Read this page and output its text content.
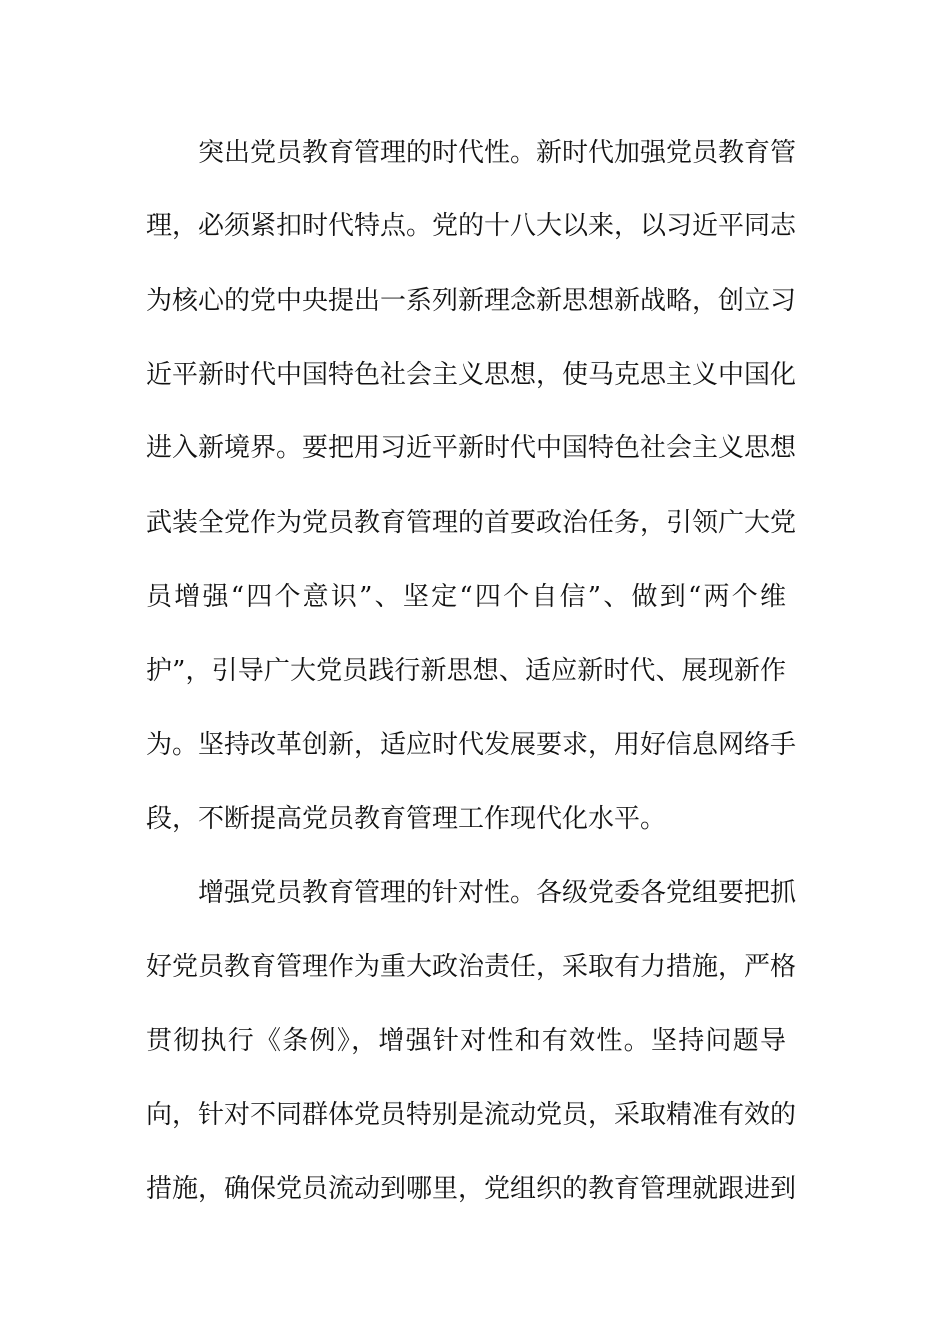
突出党员教育管理的时代性。新时代加强党员教育管
理，必须紧扣时代特点。党的十八大以来，以习近平同志
为核心的党中央提出一系列新理念新思想新战略，创立习
近平新时代中国特色社会主义思想，使马克思主义中国化
进入新境界。要把用习近平新时代中国特色社会主义思想
武装全党作为党员教育管理的首要政治任务，引领广大党
员增强“四个意识”、坚定“四个自信”、做到“两个维
护”，引导广大党员践行新思想、适应新时代、展现新作
为。坚持改革创新，适应时代发展要求，用好信息网络手
段，不断提高党员教育管理工作现代化水平。
增强党员教育管理的针对性。各级党委各党组要把抓
好党员教育管理作为重大政治责任，采取有力措施，严格
贯彻执行《条例》，增强针对性和有效性。坚持问题导
向，针对不同群体党员特别是流动党员，采取精准有效的
措施，确保党员流动到哪里，党组织的教育管理就跟进到
